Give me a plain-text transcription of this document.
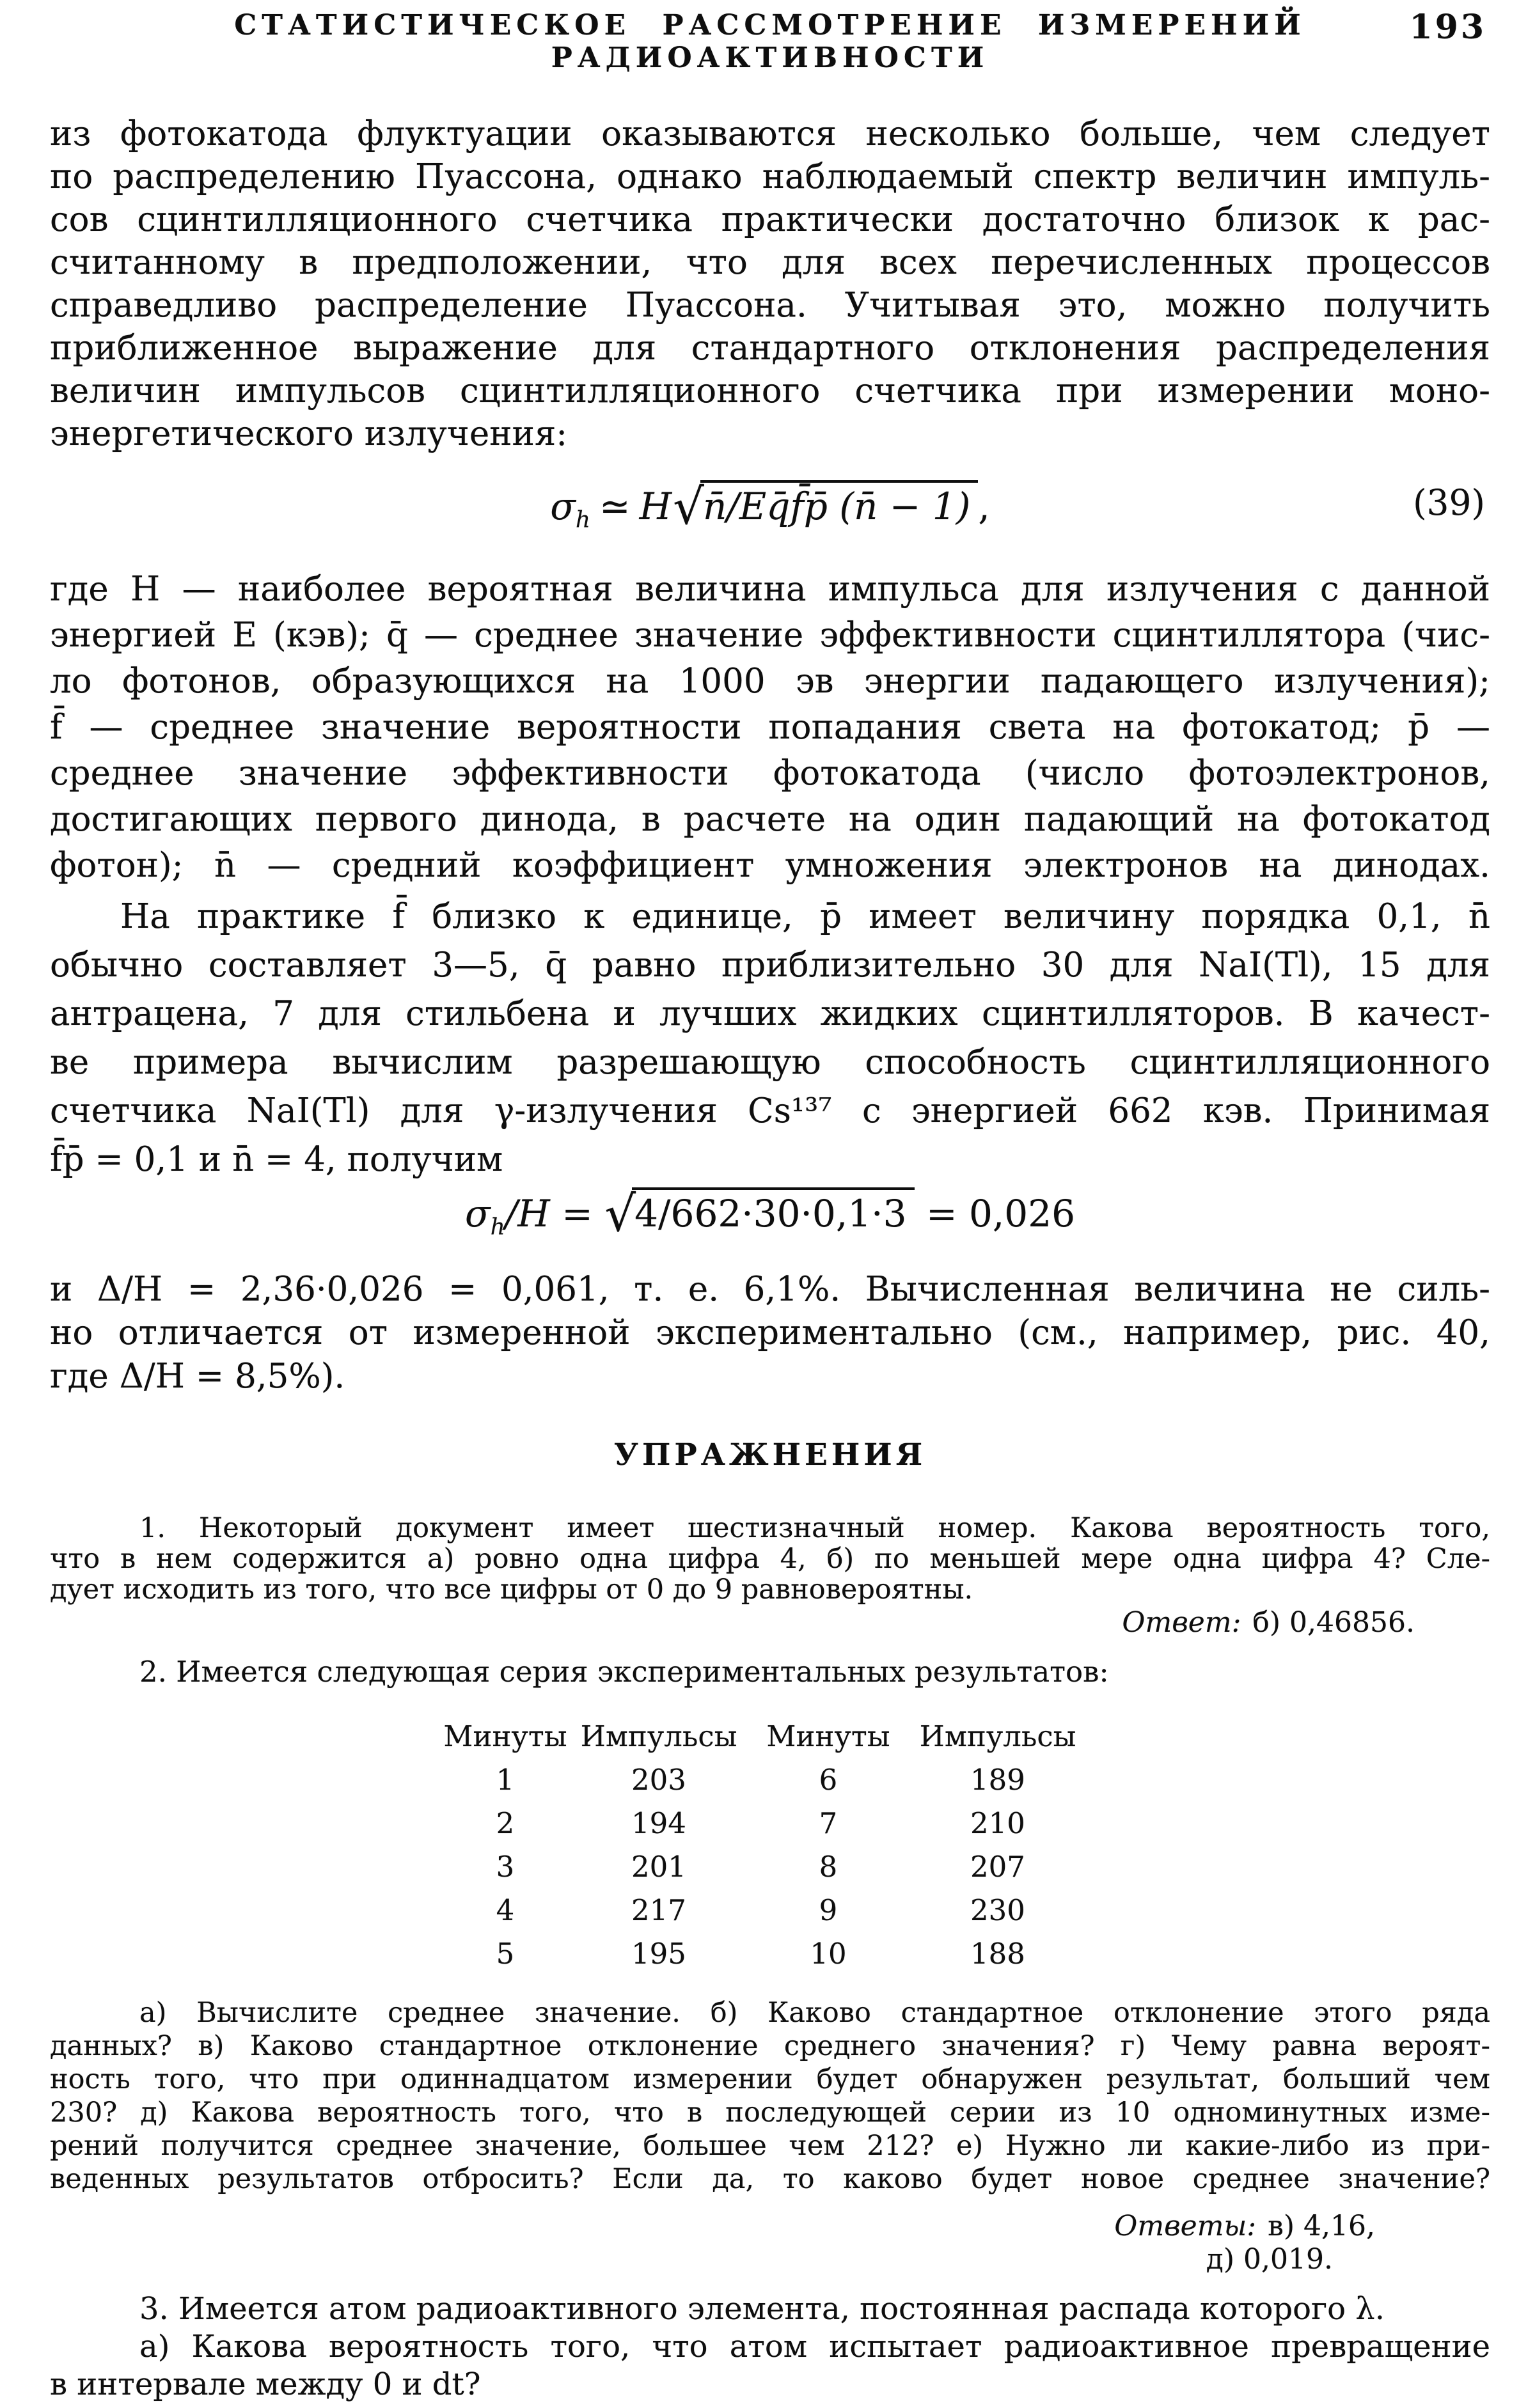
СТАТИСТИЧЕСКОЕ РАССМОТРЕНИЕ ИЗМЕРЕНИЙ РАДИОАКТИВНОСТИ
193
из фотокатода флуктуации оказываются несколько больше, чем следует
по распределению Пуассона, однако наблюдаемый спектр величин импуль-
сов сцинтилляционного счетчика практически достаточно близок к рас-
считанному в предположении, что для всех перечисленных процессов
справедливо распределение Пуассона. Учитывая это, можно получить
приближенное выражение для стандартного отклонения распределения
величин импульсов сцинтилляционного счетчика при измерении моно-
энергетического излучения:
$\sigma_h$ ≃ H√n̄/Eq̄f̄p̄ (n̄ − 1) ,	(39)
где H — наиболее вероятная величина импульса для излучения с данной
энергией E (кэв); q̄ — среднее значение эффективности сцинтиллятора (чис-
ло фотонов, образующихся на 1000 эв энергии падающего излучения);
f̄ — среднее значение вероятности попадания света на фотокатод; p̄ —
среднее значение эффективности фотокатода (число фотоэлектронов,
достигающих первого динода, в расчете на один падающий на фотокатод
фотон); n̄ — средний коэффициент умножения электронов на динодах.
На практике f̄ близко к единице, p̄ имеет величину порядка 0,1, n̄
обычно составляет 3—5, q̄ равно приблизительно 30 для NaI(Tl), 15 для
антрацена, 7 для стильбена и лучших жидких сцинтилляторов. В качест-
ве примера вычислим разрешающую способность сцинтилляционного
счетчика NaI(Tl) для γ-излучения Cs¹³⁷ с энергией 662 кэв. Принимая
f̄p̄ = 0,1 и n̄ = 4, получим
$\sigma_h/H = √4/662\cdot 30\cdot 0,1\cdot 3 = 0,026$
и Δ/H = 2,36·0,026 = 0,061, т. е. 6,1%. Вычисленная величина не силь-
но отличается от измеренной экспериментально (см., например, рис. 40,
где Δ/H = 8,5%).
УПРАЖНЕНИЯ
1. Некоторый документ имеет шестизначный номер. Какова вероятность того,
что в нем содержится а) ровно одна цифра 4, б) по меньшей мере одна цифра 4? Сле-
дует исходить из того, что все цифры от 0 до 9 равновероятны.
Ответ: б) 0,46856.
2. Имеется следующая серия экспериментальных результатов:
Минуты Импульсы	Минуты	Импульсы
1	203	6	189
2	194	7	210
3	201	8	207
4	217	9	230
5	195	10	188
а) Вычислите среднее значение. б) Каково стандартное отклонение этого ряда
данных? в) Каково стандартное отклонение среднего значения? г) Чему равна вероят-
ность того, что при одиннадцатом измерении будет обнаружен результат, больший чем
230? д) Какова вероятность того, что в последующей серии из 10 одноминутных изме-
рений получится среднее значение, большее чем 212? е) Нужно ли какие-либо из при-
веденных результатов отбросить? Если да, то каково будет новое среднее значение?
Ответы: в) 4,16,
д) 0,019.
3. Имеется атом радиоактивного элемента, постоянная распада которого λ.
а) Какова вероятность того, что атом испытает радиоактивное превращение
в интервале между 0 и dt?
